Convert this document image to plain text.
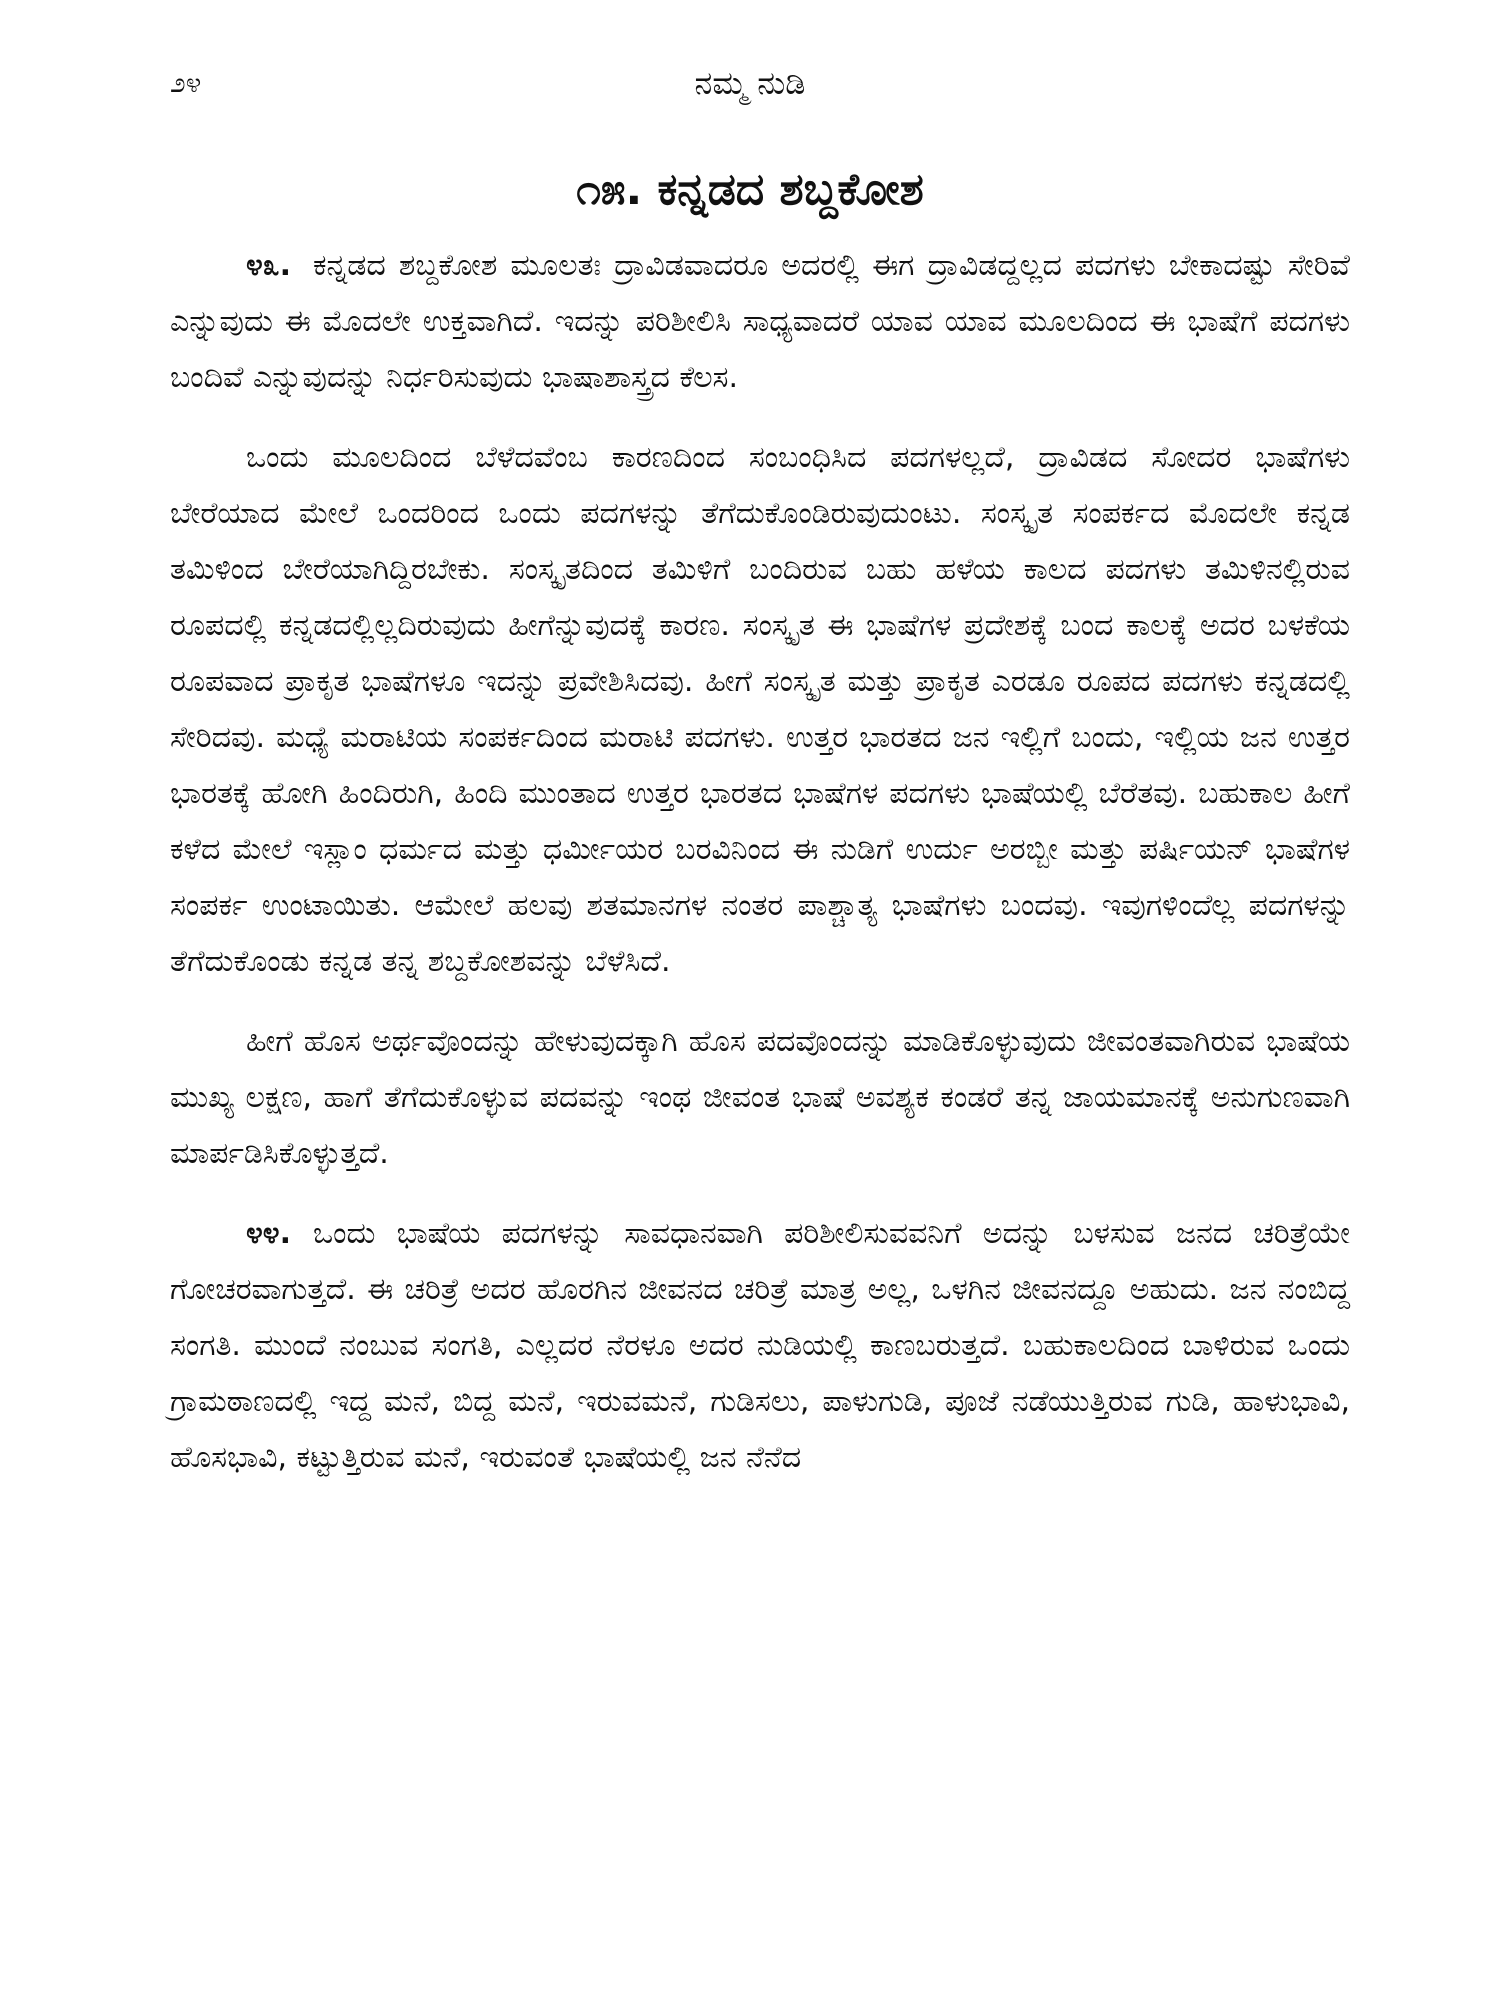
೨೪	ನಮ್ಮ ನುಡಿ
೧೫. ಕನ್ನಡದ ಶಬ್ದಕೋಶ

೪೩. ಕನ್ನಡದ ಶಬ್ದಕೋಶ ಮೂಲತಃ ದ್ರಾವಿಡವಾದರೂ ಅದರಲ್ಲಿ ಈಗ ದ್ರಾವಿಡದ್ದಲ್ಲದ ಪದಗಳು ಬೇಕಾದಷ್ಟು ಸೇರಿವೆ ಎನ್ನುವುದು ಈ ಮೊದಲೇ ಉಕ್ತವಾಗಿದೆ. ಇದನ್ನು ಪರಿಶೀಲಿಸಿ ಸಾಧ್ಯವಾದರೆ ಯಾವ ಯಾವ ಮೂಲದಿಂದ ಈ ಭಾಷೆಗೆ ಪದಗಳು ಬಂದಿವೆ ಎನ್ನುವುದನ್ನು ನಿರ್ಧರಿಸುವುದು ಭಾಷಾಶಾಸ್ತ್ರದ ಕೆಲಸ.

ಒಂದು ಮೂಲದಿಂದ ಬೆಳೆದವೆಂಬ ಕಾರಣದಿಂದ ಸಂಬಂಧಿಸಿದ ಪದಗಳಲ್ಲದೆ, ದ್ರಾವಿಡದ ಸೋದರ ಭಾಷೆಗಳು ಬೇರೆಯಾದ ಮೇಲೆ ಒಂದರಿಂದ ಒಂದು ಪದಗಳನ್ನು ತೆಗೆದುಕೊಂಡಿರುವುದುಂಟು. ಸಂಸ್ಕೃತ ಸಂಪರ್ಕದ ಮೊದಲೇ ಕನ್ನಡ ತಮಿಳಿಂದ ಬೇರೆಯಾಗಿದ್ದಿರಬೇಕು. ಸಂಸ್ಕೃತದಿಂದ ತಮಿಳಿಗೆ ಬಂದಿರುವ ಬಹು ಹಳೆಯ ಕಾಲದ ಪದಗಳು ತಮಿಳಿನಲ್ಲಿರುವ ರೂಪದಲ್ಲಿ ಕನ್ನಡದಲ್ಲಿಲ್ಲದಿರುವುದು ಹೀಗೆನ್ನುವುದಕ್ಕೆ ಕಾರಣ. ಸಂಸ್ಕೃತ ಈ ಭಾಷೆಗಳ ಪ್ರದೇಶಕ್ಕೆ ಬಂದ ಕಾಲಕ್ಕೆ ಅದರ ಬಳಕೆಯ ರೂಪವಾದ ಪ್ರಾಕೃತ ಭಾಷೆಗಳೂ ಇದನ್ನು ಪ್ರವೇಶಿಸಿದವು. ಹೀಗೆ ಸಂಸ್ಕೃತ ಮತ್ತು ಪ್ರಾಕೃತ ಎರಡೂ ರೂಪದ ಪದಗಳು ಕನ್ನಡದಲ್ಲಿ ಸೇರಿದವು. ಮಧ್ಯೆ ಮರಾಟಿಯ ಸಂಪರ್ಕದಿಂದ ಮರಾಟಿ ಪದಗಳು. ಉತ್ತರ ಭಾರತದ ಜನ ಇಲ್ಲಿಗೆ ಬಂದು, ಇಲ್ಲಿಯ ಜನ ಉತ್ತರ ಭಾರತಕ್ಕೆ ಹೋಗಿ ಹಿಂದಿರುಗಿ, ಹಿಂದಿ ಮುಂತಾದ ಉತ್ತರ ಭಾರತದ ಭಾಷೆಗಳ ಪದಗಳು ಭಾಷೆಯಲ್ಲಿ ಬೆರೆತವು. ಬಹುಕಾಲ ಹೀಗೆ ಕಳೆದ ಮೇಲೆ ಇಸ್ಲಾಂ ಧರ್ಮದ ಮತ್ತು ಧರ್ಮೀಯರ ಬರವಿನಿಂದ ಈ ನುಡಿಗೆ ಉರ್ದು ಅರಬ್ಬೀ ಮತ್ತು ಪರ್ಷಿಯನ್ ಭಾಷೆಗಳ ಸಂಪರ್ಕ ಉಂಟಾಯಿತು. ಆಮೇಲೆ ಹಲವು ಶತಮಾನಗಳ ನಂತರ ಪಾಶ್ಚಾತ್ಯ ಭಾಷೆಗಳು ಬಂದವು. ಇವುಗಳಿಂದೆಲ್ಲ ಪದಗಳನ್ನು ತೆಗೆದುಕೊಂಡು ಕನ್ನಡ ತನ್ನ ಶಬ್ದಕೋಶವನ್ನು ಬೆಳೆಸಿದೆ.

ಹೀಗೆ ಹೊಸ ಅರ್ಥವೊಂದನ್ನು ಹೇಳುವುದಕ್ಕಾಗಿ ಹೊಸ ಪದವೊಂದನ್ನು ಮಾಡಿಕೊಳ್ಳುವುದು ಜೀವಂತವಾಗಿರುವ ಭಾಷೆಯ ಮುಖ್ಯ ಲಕ್ಷಣ, ಹಾಗೆ ತೆಗೆದುಕೊಳ್ಳುವ ಪದವನ್ನು ಇಂಥ ಜೀವಂತ ಭಾಷೆ ಅವಶ್ಯಕ ಕಂಡರೆ ತನ್ನ ಜಾಯಮಾನಕ್ಕೆ ಅನುಗುಣವಾಗಿ ಮಾರ್ಪಡಿಸಿಕೊಳ್ಳುತ್ತದೆ.

೪೪. ಒಂದು ಭಾಷೆಯ ಪದಗಳನ್ನು ಸಾವಧಾನವಾಗಿ ಪರಿಶೀಲಿಸುವವನಿಗೆ ಅದನ್ನು ಬಳಸುವ ಜನದ ಚರಿತ್ರೆಯೇ ಗೋಚರವಾಗುತ್ತದೆ. ಈ ಚರಿತ್ರೆ ಅದರ ಹೊರಗಿನ ಜೀವನದ ಚರಿತ್ರೆ ಮಾತ್ರ ಅಲ್ಲ, ಒಳಗಿನ ಜೀವನದ್ದೂ ಅಹುದು. ಜನ ನಂಬಿದ್ದ ಸಂಗತಿ. ಮುಂದೆ ನಂಬುವ ಸಂಗತಿ, ಎಲ್ಲದರ ನೆರಳೂ ಅದರ ನುಡಿಯಲ್ಲಿ ಕಾಣಬರುತ್ತದೆ. ಬಹುಕಾಲದಿಂದ ಬಾಳಿರುವ ಒಂದು ಗ್ರಾಮಠಾಣದಲ್ಲಿ ಇದ್ದ ಮನೆ, ಬಿದ್ದ ಮನೆ, ಇರುವಮನೆ, ಗುಡಿಸಲು, ಪಾಳುಗುಡಿ, ಪೂಜೆ ನಡೆಯುತ್ತಿರುವ ಗುಡಿ, ಹಾಳುಭಾವಿ, ಹೊಸಭಾವಿ, ಕಟ್ಟುತ್ತಿರುವ ಮನೆ, ಇರುವಂತೆ ಭಾಷೆಯಲ್ಲಿ ಜನ ನೆನೆದ
